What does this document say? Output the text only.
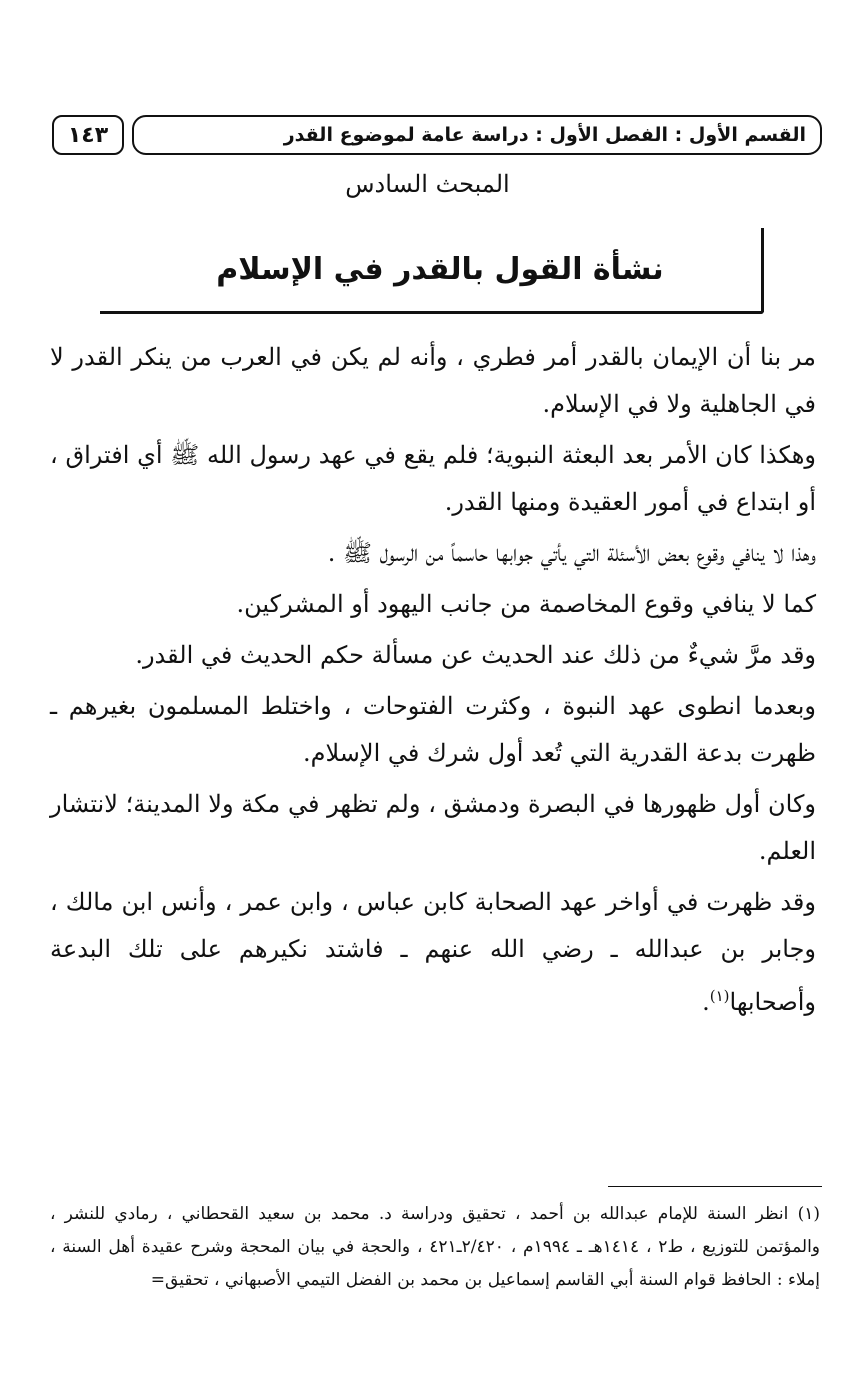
القسم الأول : الفصل الأول : دراسة عامة لموضوع القدر
١٤٣
المبحث السادس
نشأة القول بالقدر في الإسلام

مر بنا أن الإيمان بالقدر أمر فطري ، وأنه لم يكن في العرب من ينكر القدر لا في الجاهلية ولا في الإسلام.

وهكذا كان الأمر بعد البعثة النبوية؛ فلم يقع في عهد رسول الله ﷺ أي افتراق ، أو ابتداع في أمور العقيدة ومنها القدر.

وهذا لا ينافي وقوع بعض الأسئلة التي يأتي جوابها حاسماً من الرسول ﷺ .

كما لا ينافي وقوع المخاصمة من جانب اليهود أو المشركين.

وقد مرَّ شيءٌ من ذلك عند الحديث عن مسألة حكم الحديث في القدر.

وبعدما انطوى عهد النبوة ، وكثرت الفتوحات ، واختلط المسلمون بغيرهم ـ ظهرت بدعة القدرية التي تُعد أول شرك في الإسلام.

وكان أول ظهورها في البصرة ودمشق ، ولم تظهر في مكة ولا المدينة؛ لانتشار العلم.

وقد ظهرت في أواخر عهد الصحابة كابن عباس ، وابن عمر ، وأنس ابن مالك ، وجابر بن عبدالله ـ رضي الله عنهم ـ فاشتد نكيرهم على تلك البدعة وأصحابها$^{(١)}$.

(١) انظر السنة للإمام عبدالله بن أحمد ، تحقيق ودراسة د. محمد بن سعيد القحطاني ، رمادي للنشر ، والمؤتمن للتوزيع ، ط٢ ، ١٤١٤هـ ـ ١٩٩٤م ، ٢/٤٢٠ـ٤٢١ ، والحجة في بيان المحجة وشرح عقيدة أهل السنة ، إملاء : الحافظ قوام السنة أبي القاسم إسماعيل بن محمد بن الفضل التيمي الأصبهاني ، تحقيق=
